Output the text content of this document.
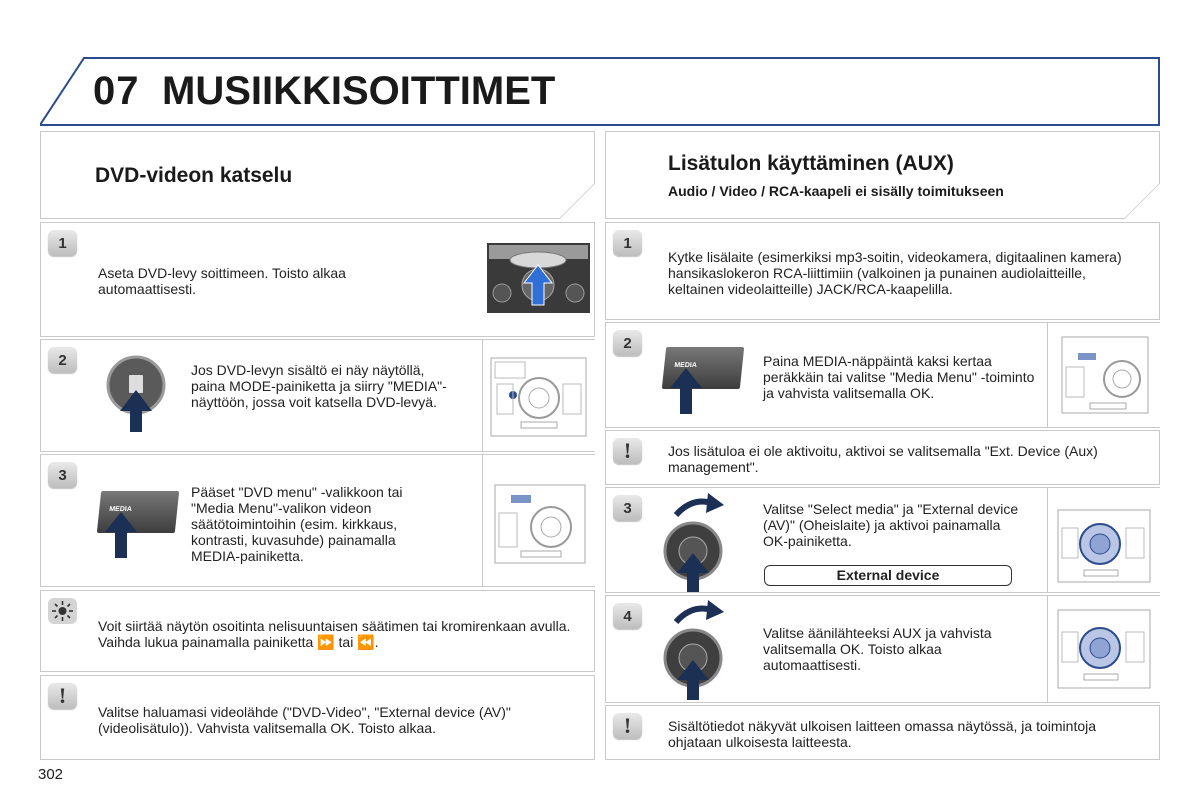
07 MUSIIKKISOITTIMET
DVD-videon katselu
1
Aseta DVD-levy soittimeen. Toisto alkaa automaattisesti.
2
Jos DVD-levyn sisältö ei näy näytöllä, paina MODE-painiketta ja siirry "MEDIA"-näyttöön, jossa voit katsella DVD-levyä.
3
MEDIA
Pääset "DVD menu" -valikkoon tai "Media Menu"-valikon videon säätötoimintoihin (esim. kirkkaus, kontrasti, kuvasuhde) painamalla MEDIA-painiketta.
Voit siirtää näytön osoitinta nelisuuntaisen säätimen tai kromirenkaan avulla. Vaihda lukua painamalla painiketta ⏩ tai ⏪.
!
Valitse haluamasi videolähde ("DVD-Video", "External device (AV)" (videolisätulo)). Vahvista valitsemalla OK. Toisto alkaa.
Lisätulon käyttäminen (AUX)
Audio / Video / RCA-kaapeli ei sisälly toimitukseen
1
Kytke lisälaite (esimerkiksi mp3-soitin, videokamera, digitaalinen kamera) hansikaslokeron RCA-liittimiin (valkoinen ja punainen audiolaitteille, keltainen videolaitteille) JACK/RCA-kaapelilla.
2
MEDIA	Paina MEDIA-näppäintä kaksi kertaa peräkkäin tai valitse "Media Menu" -toiminto ja vahvista valitsemalla OK.
!	Jos lisätuloa ei ole aktivoitu, aktivoi se valitsemalla "Ext. Device (Aux) management".
3	Valitse "Select media" ja "External device (AV)" (Oheislaite) ja aktivoi painamalla OK-painiketta.
External device
4
Valitse äänilähteeksi AUX ja vahvista valitsemalla OK. Toisto alkaa automaattisesti.
!	Sisältötiedot näkyvät ulkoisen laitteen omassa näytössä, ja toimintoja ohjataan ulkoisesta laitteesta.
302
